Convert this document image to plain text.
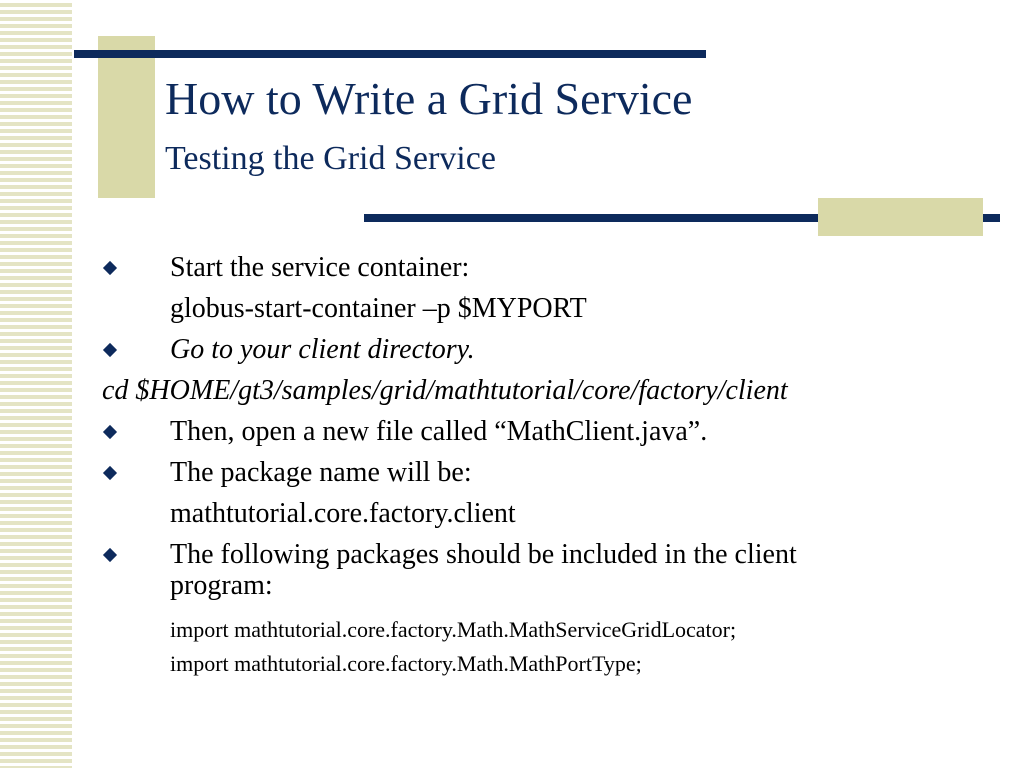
How to Write a Grid Service
Testing the Grid Service

Start the service container:

globus-start-container –p $MYPORT

Go to your client directory.

cd $HOME/gt3/samples/grid/mathtutorial/core/factory/client

Then, open a new file called “MathClient.java”.

The package name will be:

mathtutorial.core.factory.client

The following packages should be included in the client

program:

import mathtutorial.core.factory.Math.MathServiceGridLocator;

import mathtutorial.core.factory.Math.MathPortType;
